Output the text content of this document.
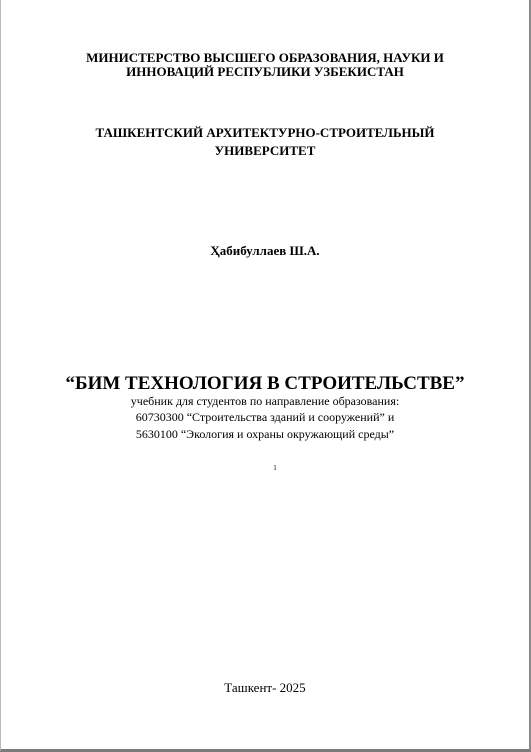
МИНИСТЕРСТВО ВЫСШЕГО ОБРАЗОВАНИЯ, НАУКИ И
ИННОВАЦИЙ РЕСПУБЛИКИ УЗБЕКИСТАН
ТАШКЕНТСКИЙ АРХИТЕКТУРНО-СТРОИТЕЛЬНЫЙ
УНИВЕРСИТЕТ
Ҳабибуллаев Ш.А.
“БИМ ТЕХНОЛОГИЯ В СТРОИТЕЛЬСТВЕ”
учебник для студентов по направление образования:
60730300 “Строительства зданий и сооружений” и
5630100 “Экология и охраны окружающий среды”
1
Ташкент- 2025
